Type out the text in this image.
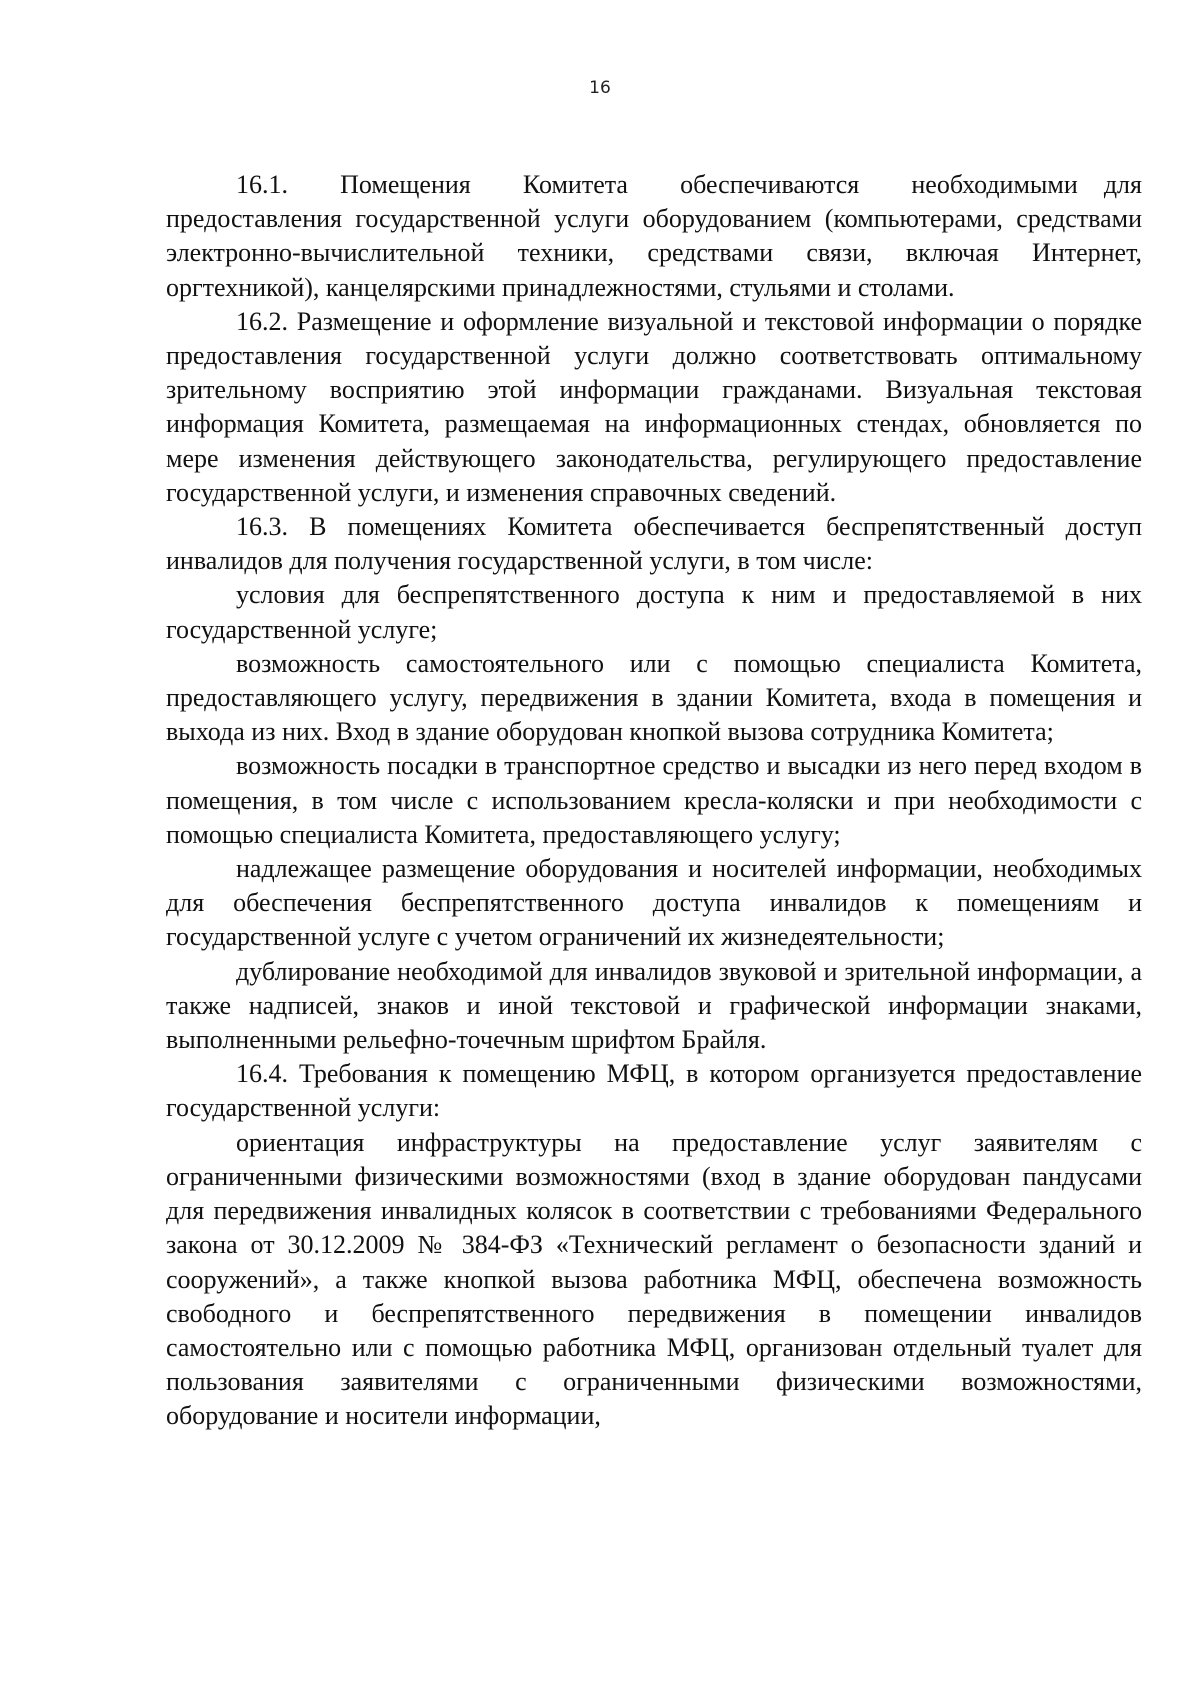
16

16.1.  Помещения  Комитета  обеспечиваются  необходимыми для предоставления государственной услуги оборудованием (компьютерами, средствами электронно-вычислительной техники, средствами связи, включая Интернет, оргтехникой), канцелярскими принадлежностями, стульями и столами.

16.2. Размещение и оформление визуальной и текстовой информации о порядке предоставления государственной услуги должно соответствовать оптимальному зрительному восприятию этой информации гражданами. Визуальная текстовая информация Комитета, размещаемая на информационных стендах, обновляется по мере изменения действующего законодательства, регулирующего предоставление государственной услуги, и изменения справочных сведений.

16.3. В помещениях Комитета обеспечивается беспрепятственный доступ инвалидов для получения государственной услуги, в том числе:

условия для беспрепятственного доступа к ним и предоставляемой в них государственной услуге;

возможность самостоятельного или с помощью специалиста Комитета, предоставляющего услугу, передвижения в здании Комитета, входа в помещения и выхода из них. Вход в здание оборудован кнопкой вызова сотрудника Комитета;

возможность посадки в транспортное средство и высадки из него перед входом в помещения, в том числе с использованием кресла-коляски и при необходимости с помощью специалиста Комитета, предоставляющего услугу;

надлежащее размещение оборудования и носителей информации, необходимых для обеспечения беспрепятственного доступа инвалидов к помещениям и государственной услуге с учетом ограничений их жизнедеятельности;

дублирование необходимой для инвалидов звуковой и зрительной информации, а также надписей, знаков и иной текстовой и графической информации знаками, выполненными рельефно-точечным шрифтом Брайля.

16.4. Требования к помещению МФЦ, в котором организуется предоставление государственной услуги:

ориентация инфраструктуры на предоставление услуг заявителям с ограниченными физическими возможностями (вход в здание оборудован пандусами для передвижения инвалидных колясок в соответствии с требованиями Федерального закона от 30.12.2009 № 384-ФЗ «Технический регламент о безопасности зданий и сооружений», а также кнопкой вызова работника МФЦ, обеспечена возможность свободного и беспрепятственного передвижения в помещении инвалидов самостоятельно или с помощью работника МФЦ, организован отдельный туалет для пользования заявителями с ограниченными физическими возможностями, оборудование и носители информации,
